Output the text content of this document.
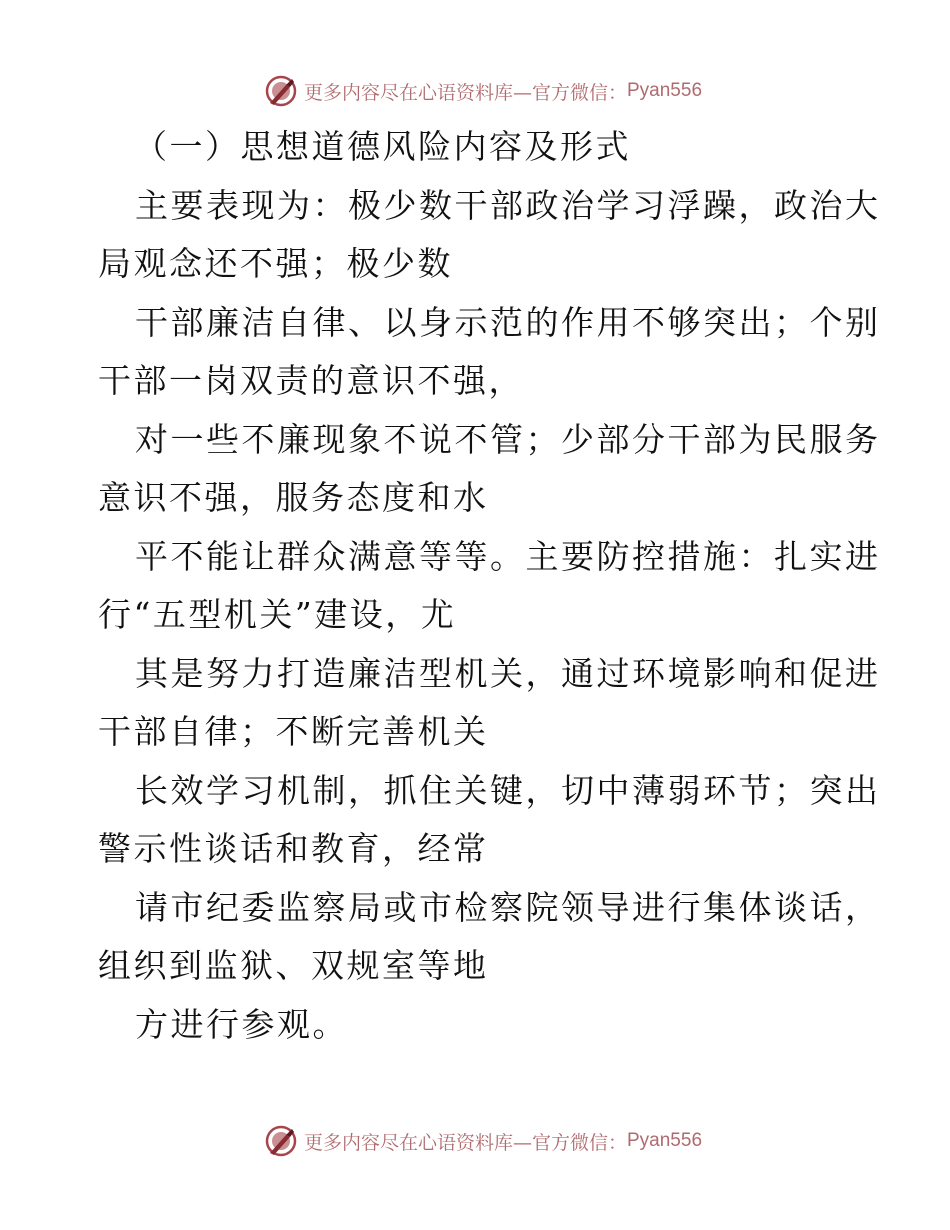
更多内容尽在心语资料库—官方微信： Pyan556
（一）思想道德风险内容及形式
主要表现为：极少数干部政治学习浮躁，政治大
局观念还不强；极少数
干部廉洁自律、以身示范的作用不够突出；个别
干部一岗双责的意识不强，
对一些不廉现象不说不管；少部分干部为民服务
意识不强，服务态度和水
平不能让群众满意等等。主要防控措施：扎实进
行“五型机关”建设，尤
其是努力打造廉洁型机关，通过环境影响和促进
干部自律；不断完善机关
长效学习机制，抓住关键，切中薄弱环节；突出
警示性谈话和教育，经常
请市纪委监察局或市检察院领导进行集体谈话，
组织到监狱、双规室等地
方进行参观。
更多内容尽在心语资料库—官方微信： Pyan556
